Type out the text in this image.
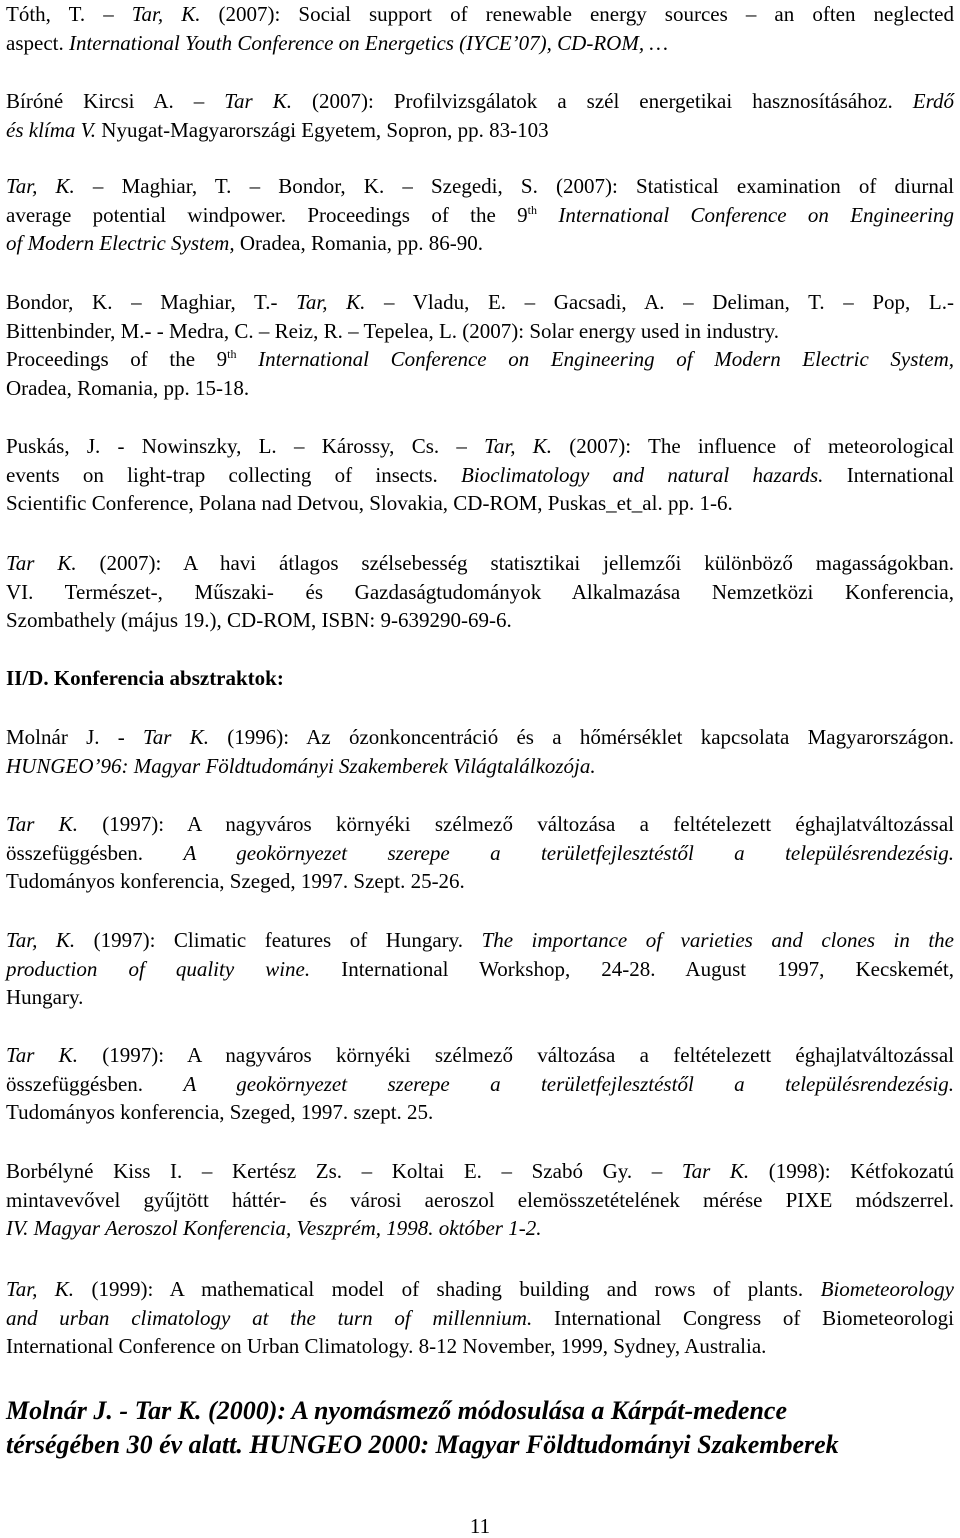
Tóth, T. – Tar, K. (2007): Social support of renewable energy sources – an often neglected
aspect. International Youth Conference on Energetics (IYCE’07), CD-ROM, …
Bíróné Kircsi A. – Tar K. (2007): Profilvizsgálatok a szél energetikai hasznosításához. Erdő
és klíma V. Nyugat-Magyarországi Egyetem, Sopron, pp. 83-103
Tar, K. – Maghiar, T. – Bondor, K. – Szegedi, S. (2007): Statistical examination of diurnal
average potential windpower. Proceedings of the 9th International Conference on Engineering
of Modern Electric System, Oradea, Romania, pp. 86-90.
Bondor, K. – Maghiar, T.- Tar, K. – Vladu, E. – Gacsadi, A. – Deliman, T. – Pop, L.-
Bittenbinder, M.- - Medra, C. – Reiz, R. – Tepelea, L. (2007): Solar energy used in industry.
Proceedings of the 9th International Conference on Engineering of Modern Electric System,
Oradea, Romania, pp. 15-18.
Puskás, J. - Nowinszky, L. – Károssy, Cs. – Tar, K. (2007): The influence of meteorological
events on light-trap collecting of insects. Bioclimatology and natural hazards. International
Scientific Conference, Polana nad Detvou, Slovakia, CD-ROM, Puskas_et_al. pp. 1-6.
Tar K. (2007): A havi átlagos szélsebesség statisztikai jellemzői különböző magasságokban.
VI. Természet-, Műszaki- és Gazdaságtudományok Alkalmazása Nemzetközi Konferencia,
Szombathely (május 19.), CD-ROM, ISBN: 9-639290-69-6.
II/D. Konferencia absztraktok:
Molnár J. - Tar K. (1996): Az ózonkoncentráció és a hőmérséklet kapcsolata Magyarországon.
HUNGEO’96: Magyar Földtudományi Szakemberek Világtalálkozója.
Tar K. (1997): A nagyváros környéki szélmező változása a feltételezett éghajlatváltozással
összefüggésben. A geokörnyezet szerepe a területfejlesztéstől a településrendezésig.
Tudományos konferencia, Szeged, 1997. Szept. 25-26.
Tar, K. (1997): Climatic features of Hungary. The importance of varieties and clones in the
production of quality wine. International Workshop, 24-28. August 1997, Kecskemét,
Hungary.
Tar K. (1997): A nagyváros környéki szélmező változása a feltételezett éghajlatváltozással
összefüggésben. A geokörnyezet szerepe a területfejlesztéstől a településrendezésig.
Tudományos konferencia, Szeged, 1997. szept. 25.
Borbélyné Kiss I. – Kertész Zs. – Koltai E. – Szabó Gy. – Tar K. (1998): Kétfokozatú
mintavevővel gyűjtött háttér- és városi aeroszol elemösszetételének mérése PIXE módszerrel.
IV. Magyar Aeroszol Konferencia, Veszprém, 1998. október 1-2.
Tar, K. (1999): A mathematical model of shading building and rows of plants. Biometeorology
and urban climatology at the turn of millennium. International Congress of Biometeorologi
International Conference on Urban Climatology. 8-12 November, 1999, Sydney, Australia.
Molnár J. - Tar K. (2000): A nyomásmező módosulása a Kárpát-medence
térségében 30 év alatt. HUNGEO 2000: Magyar Földtudományi Szakemberek
11
